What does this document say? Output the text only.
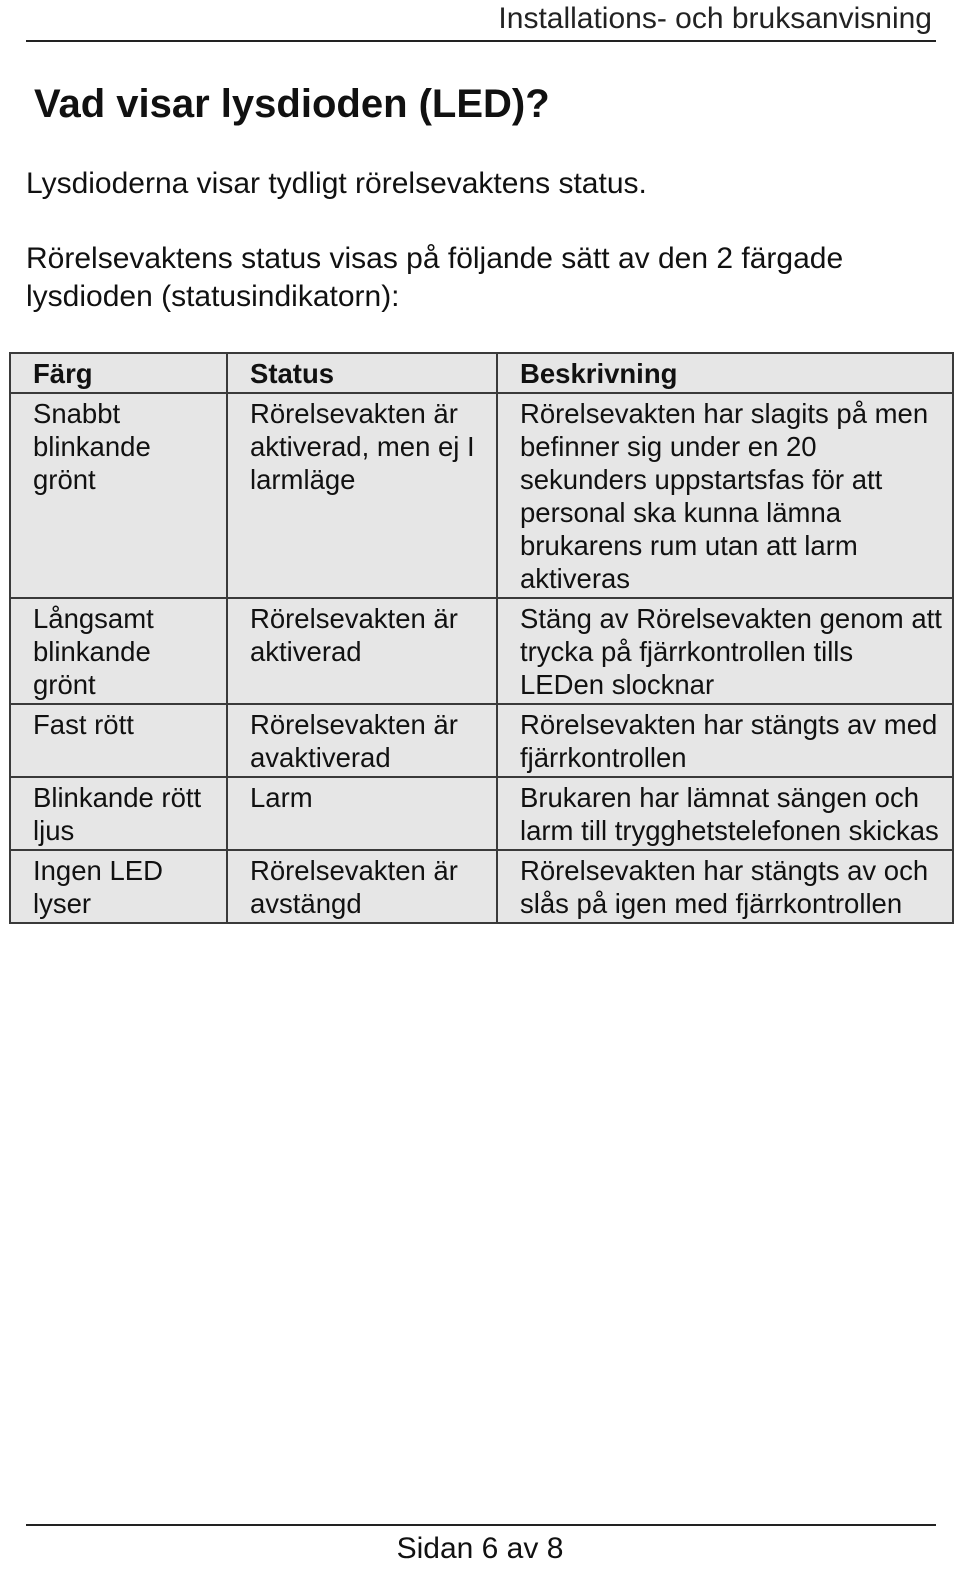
Installations- och bruksanvisning
Vad visar lysdioden (LED)?

Lysdioderna visar tydligt rörelsevaktens status.

Rörelsevaktens status visas på följande sätt av den 2 färgade lysdioden (statusindikatorn):

Färg	Status	Beskrivning
Snabbt blinkande grönt	Rörelsevakten är aktiverad, men ej I larmläge	Rörelsevakten har slagits på men befinner sig under en 20 sekunders uppstartsfas för att personal ska kunna lämna brukarens rum utan att larm aktiveras
Långsamt blinkande grönt	Rörelsevakten är aktiverad	Stäng av Rörelsevakten genom att trycka på fjärrkontrollen tills LEDen slocknar
Fast rött	Rörelsevakten är avaktiverad	Rörelsevakten har stängts av med fjärrkontrollen
Blinkande rött ljus	Larm	Brukaren har lämnat sängen och larm till trygghetstelefonen skickas
Ingen LED lyser	Rörelsevakten är avstängd	Rörelsevakten har stängts av och slås på igen med fjärrkontrollen
Sidan 6 av 8
